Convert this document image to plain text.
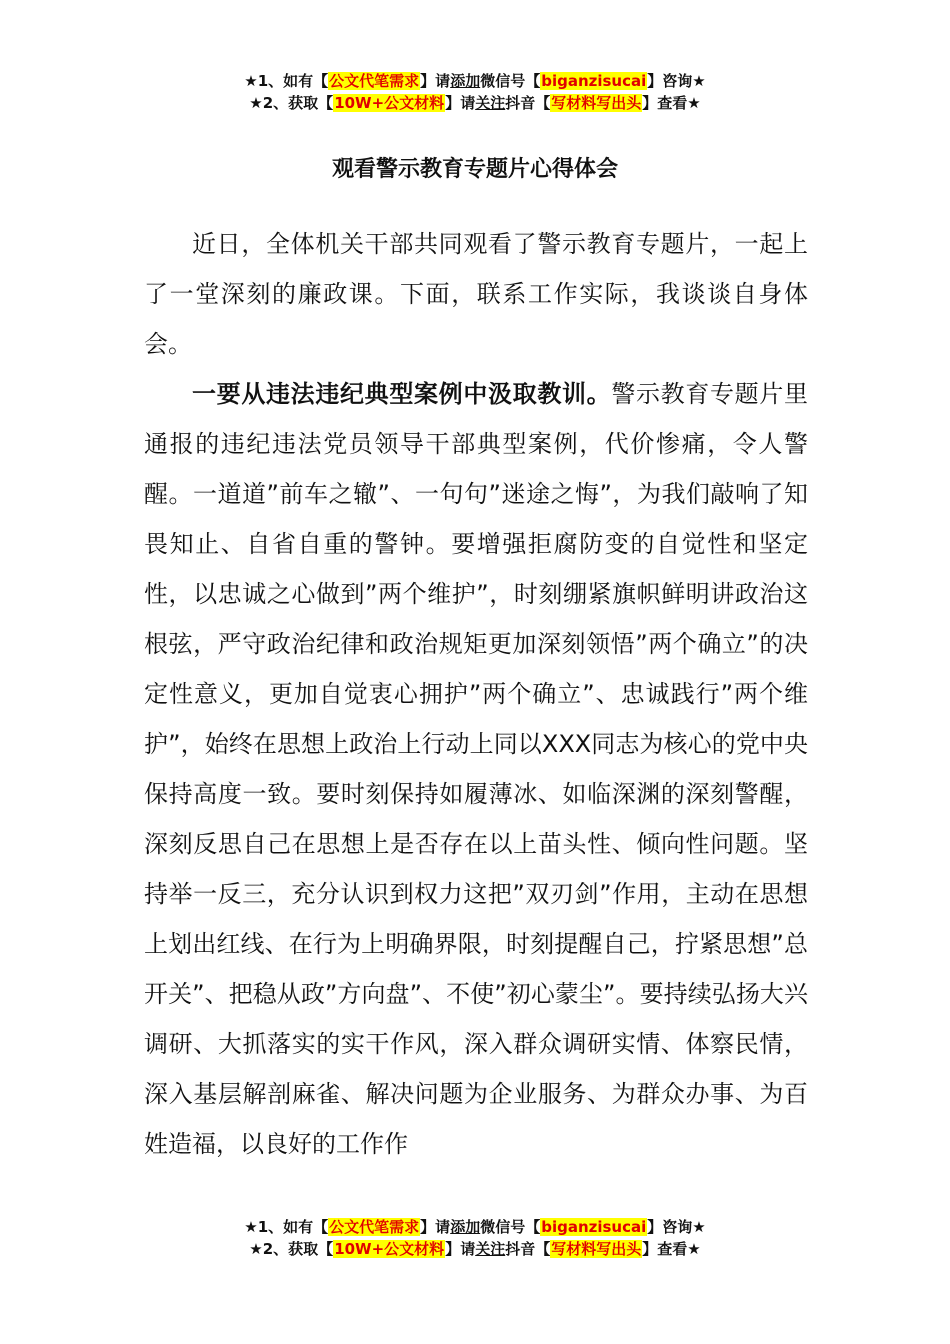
★1、如有【公文代笔需求】请添加微信号【biganzisucai】咨询★
★2、获取【10W+公文材料】请关注抖音【写材料写出头】查看★
观看警示教育专题片心得体会

近日，全体机关干部共同观看了警示教育专题片，一起上了一堂深刻的廉政课。下面，联系工作实际，我谈谈自身体会。

一要从违法违纪典型案例中汲取教训。警示教育专题片里通报的违纪违法党员领导干部典型案例，代价惨痛，令人警醒。一道道”前车之辙”、一句句”迷途之悔”，为我们敲响了知畏知止、自省自重的警钟。要增强拒腐防变的自觉性和坚定性，以忠诚之心做到”两个维护”，时刻绷紧旗帜鲜明讲政治这根弦，严守政治纪律和政治规矩更加深刻领悟”两个确立”的决定性意义，更加自觉衷心拥护”两个确立”、忠诚践行”两个维护”，始终在思想上政治上行动上同以XXX同志为核心的党中央保持高度一致。要时刻保持如履薄冰、如临深渊的深刻警醒，深刻反思自己在思想上是否存在以上苗头性、倾向性问题。坚持举一反三，充分认识到权力这把”双刃剑”作用，主动在思想上划出红线、在行为上明确界限，时刻提醒自己，拧紧思想”总开关”、把稳从政”方向盘”、不使”初心蒙尘”。要持续弘扬大兴调研、大抓落实的实干作风，深入群众调研实情、体察民情，深入基层解剖麻雀、解决问题为企业服务、为群众办事、为百姓造福，以良好的工作作

★1、如有【公文代笔需求】请添加微信号【biganzisucai】咨询★
★2、获取【10W+公文材料】请关注抖音【写材料写出头】查看★
